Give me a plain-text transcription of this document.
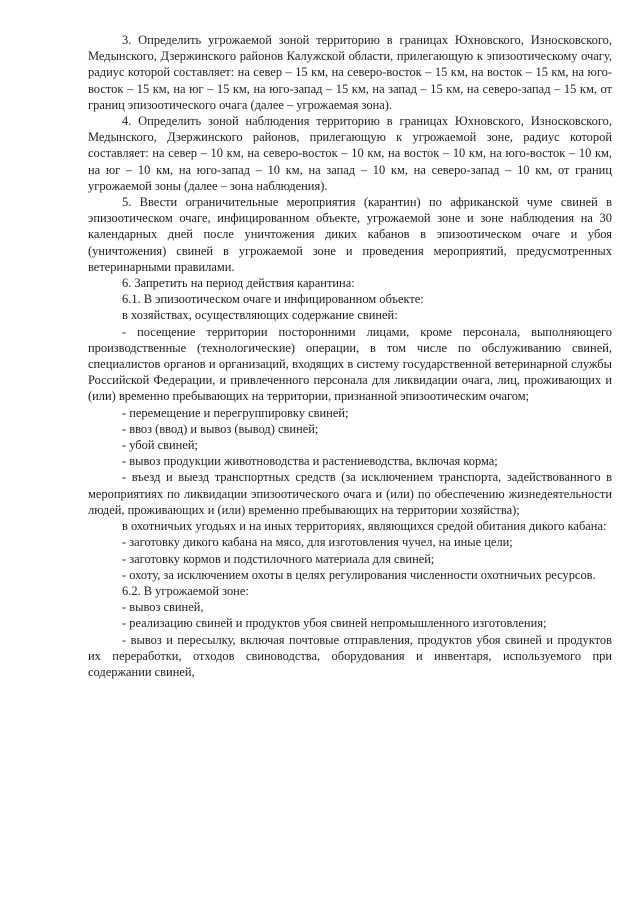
3. Определить угрожаемой зоной территорию в границах Юхновского, Износковского, Медынского, Дзержинского районов Калужской области, прилегающую к эпизоотическому очагу, радиус которой составляет: на север – 15 км, на северо-восток – 15 км, на восток – 15 км, на юго-восток – 15 км, на юг – 15 км, на юго-запад – 15 км, на запад – 15 км, на северо-запад – 15 км, от границ эпизоотического очага (далее – угрожаемая зона).

4. Определить зоной наблюдения территорию в границах Юхновского, Износковского, Медынского, Дзержинского районов, прилегающую к угрожаемой зоне, радиус которой составляет: на север – 10 км, на северо-восток – 10 км, на восток – 10 км, на юго-восток – 10 км, на юг – 10 км, на юго-запад – 10 км, на запад – 10 км, на северо-запад – 10 км, от границ угрожаемой зоны (далее – зона наблюдения).

5. Ввести ограничительные мероприятия (карантин) по африканской чуме свиней в эпизоотическом очаге, инфицированном объекте, угрожаемой зоне и зоне наблюдения на 30 календарных дней после уничтожения диких кабанов в эпизоотическом очаге и убоя (уничтожения) свиней в угрожаемой зоне и проведения мероприятий, предусмотренных ветеринарными правилами.

6. Запретить на период действия карантина:

6.1. В эпизоотическом очаге и инфицированном объекте:

в хозяйствах, осуществляющих содержание свиней:

- посещение территории посторонними лицами, кроме персонала, выполняющего производственные (технологические) операции, в том числе по обслуживанию свиней, специалистов органов и организаций, входящих в систему государственной ветеринарной службы Российской Федерации, и привлеченного персонала для ликвидации очага, лиц, проживающих и (или) временно пребывающих на территории, признанной эпизоотическим очагом;

- перемещение и перегруппировку свиней;

- ввоз (ввод) и вывоз (вывод) свиней;

- убой свиней;

- вывоз продукции животноводства и растениеводства, включая корма;

- въезд и выезд транспортных средств (за исключением транспорта, задействованного в мероприятиях по ликвидации эпизоотического очага и (или) по обеспечению жизнедеятельности людей, проживающих и (или) временно пребывающих на территории хозяйства);

в охотничьих угодьях и на иных территориях, являющихся средой обитания дикого кабана:

- заготовку дикого кабана на мясо, для изготовления чучел, на иные цели;

- заготовку кормов и подстилочного материала для свиней;

- охоту, за исключением охоты в целях регулирования численности охотничьих ресурсов.

6.2. В угрожаемой зоне:

- вывоз свиней,

- реализацию свиней и продуктов убоя свиней непромышленного изготовления;

- вывоз и пересылку, включая почтовые отправления, продуктов убоя свиней и продуктов их переработки, отходов свиноводства, оборудования и инвентаря, используемого при содержании свиней,
